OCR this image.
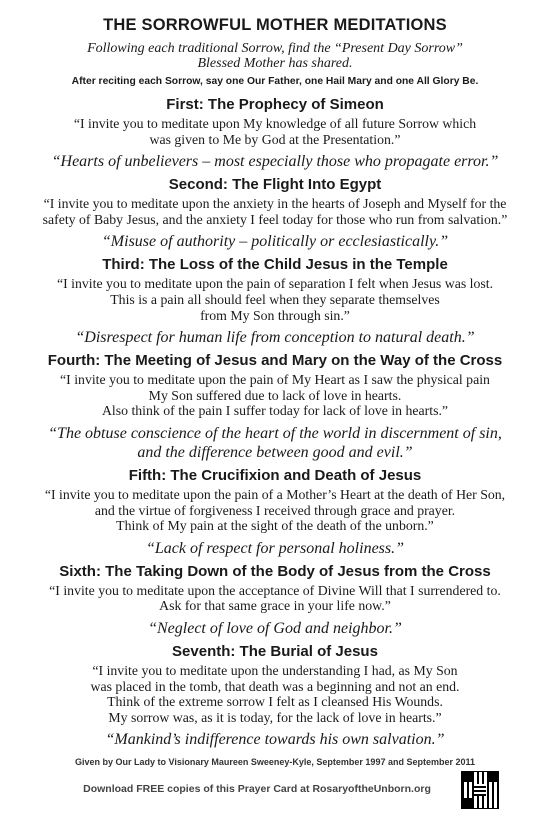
THE SORROWFUL MOTHER MEDITATIONS
Following each traditional Sorrow, find the “Present Day Sorrow”
Blessed Mother has shared.
After reciting each Sorrow, say one Our Father, one Hail Mary and one All Glory Be.
First: The Prophecy of Simeon
“I invite you to meditate upon My knowledge of all future Sorrow which
was given to Me by God at the Presentation.”
“Hearts of unbelievers – most especially those who propagate error.”
Second: The Flight Into Egypt
“I invite you to meditate upon the anxiety in the hearts of Joseph and Myself for the
safety of Baby Jesus, and the anxiety I feel today for those who run from salvation.”
“Misuse of authority – politically or ecclesiastically.”
Third: The Loss of the Child Jesus in the Temple
“I invite you to meditate upon the pain of separation I felt when Jesus was lost.
This is a pain all should feel when they separate themselves
from My Son through sin.”
“Disrespect for human life from conception to natural death.”
Fourth: The Meeting of Jesus and Mary on the Way of the Cross
“I invite you to meditate upon the pain of My Heart as I saw the physical pain
My Son suffered due to lack of love in hearts.
Also think of the pain I suffer today for lack of love in hearts.”
“The obtuse conscience of the heart of the world in discernment of sin,
and the difference between good and evil.”
Fifth: The Crucifixion and Death of Jesus
“I invite you to meditate upon the pain of a Mother’s Heart at the death of Her Son,
and the virtue of forgiveness I received through grace and prayer.
Think of My pain at the sight of the death of the unborn.”
“Lack of respect for personal holiness.”
Sixth: The Taking Down of the Body of Jesus from the Cross
“I invite you to meditate upon the acceptance of Divine Will that I surrendered to.
Ask for that same grace in your life now.”
“Neglect of love of God and neighbor.”
Seventh: The Burial of Jesus
“I invite you to meditate upon the understanding I had, as My Son
was placed in the tomb, that death was a beginning and not an end.
Think of the extreme sorrow I felt as I cleansed His Wounds.
My sorrow was, as it is today, for the lack of love in hearts.”
“Mankind’s indifference towards his own salvation.”
Given by Our Lady to Visionary Maureen Sweeney-Kyle, September 1997 and September 2011
Download FREE copies of this Prayer Card at RosaryoftheUnborn.org
